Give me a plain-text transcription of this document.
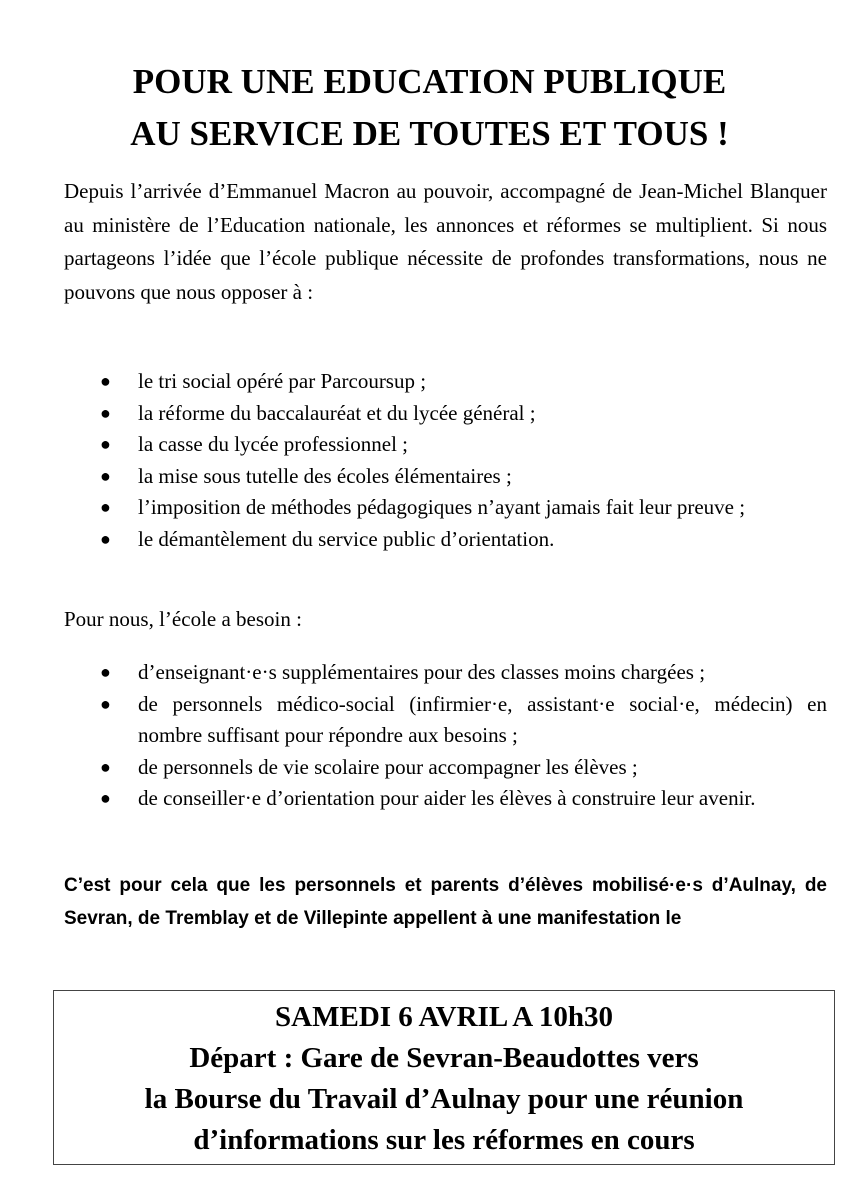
POUR UNE EDUCATION PUBLIQUE
AU SERVICE DE TOUTES ET TOUS !

Depuis l’arrivée d’Emmanuel Macron au pouvoir, accompagné de Jean-Michel Blanquer au ministère de l’Education nationale, les annonces et réformes se multiplient. Si nous partageons l’idée que l’école publique nécessite de profondes transformations, nous ne pouvons que nous opposer à :

● le tri social opéré par Parcoursup ;
● la réforme du baccalauréat et du lycée général ;
● la casse du lycée professionnel ;
● la mise sous tutelle des écoles élémentaires ;
● l’imposition de méthodes pédagogiques n’ayant jamais fait leur preuve ;
● le démantèlement du service public d’orientation.

Pour nous, l’école a besoin :

● d’enseignant·e·s supplémentaires pour des classes moins chargées ;
● de personnels médico-social (infirmier·e, assistant·e social·e, médecin) en nombre suffisant pour répondre aux besoins ;
● de personnels de vie scolaire pour accompagner les élèves ;
● de conseiller·e d’orientation pour aider les élèves à construire leur avenir.

C’est pour cela que les personnels et parents d’élèves mobilisé·e·s d’Aulnay, de Sevran, de Tremblay et de Villepinte appellent à une manifestation le

SAMEDI 6 AVRIL A 10h30
Départ : Gare de Sevran-Beaudottes vers
la Bourse du Travail d’Aulnay pour une réunion
d’informations sur les réformes en cours
